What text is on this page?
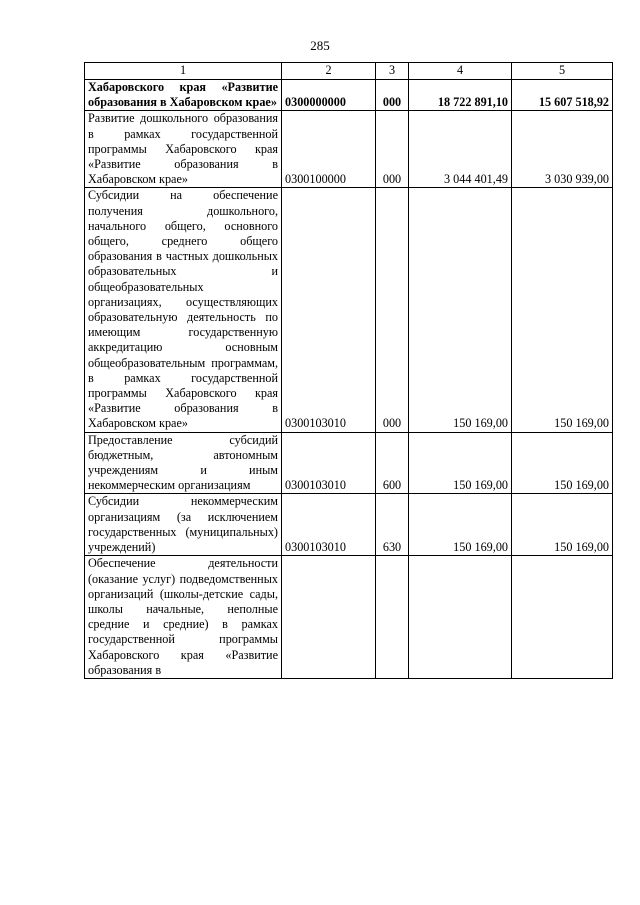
285
1	2	3	4	5
Хабаровского края «Развитие образования в Хабаровском крае»	0300000000	000	18 722 891,10	15 607 518,92
Развитие дошкольного образования в рамках государственной программы Хабаровского края «Развитие образования в Хабаровском крае»	0300100000	000	3 044 401,49	3 030 939,00
Субсидии на обеспечение получения дошкольного, начального общего, основного общего, среднего общего образования в частных дошкольных образовательных и общеобразовательных организациях, осуществляющих образовательную деятельность по имеющим государственную аккредитацию основным общеобразовательным программам, в рамках государственной программы Хабаровского края «Развитие образования в Хабаровском крае»	0300103010	000	150 169,00	150 169,00
Предоставление субсидий бюджетным, автономным учреждениям и иным некоммерческим организациям	0300103010	600	150 169,00	150 169,00
Субсидии некоммерческим организациям (за исключением государственных (муниципальных) учреждений)	0300103010	630	150 169,00	150 169,00
Обеспечение деятельности (оказание услуг) подведомственных организаций (школы-детские сады, школы начальные, неполные средние и средние) в рамках государственной программы Хабаровского края «Развитие образования в				
